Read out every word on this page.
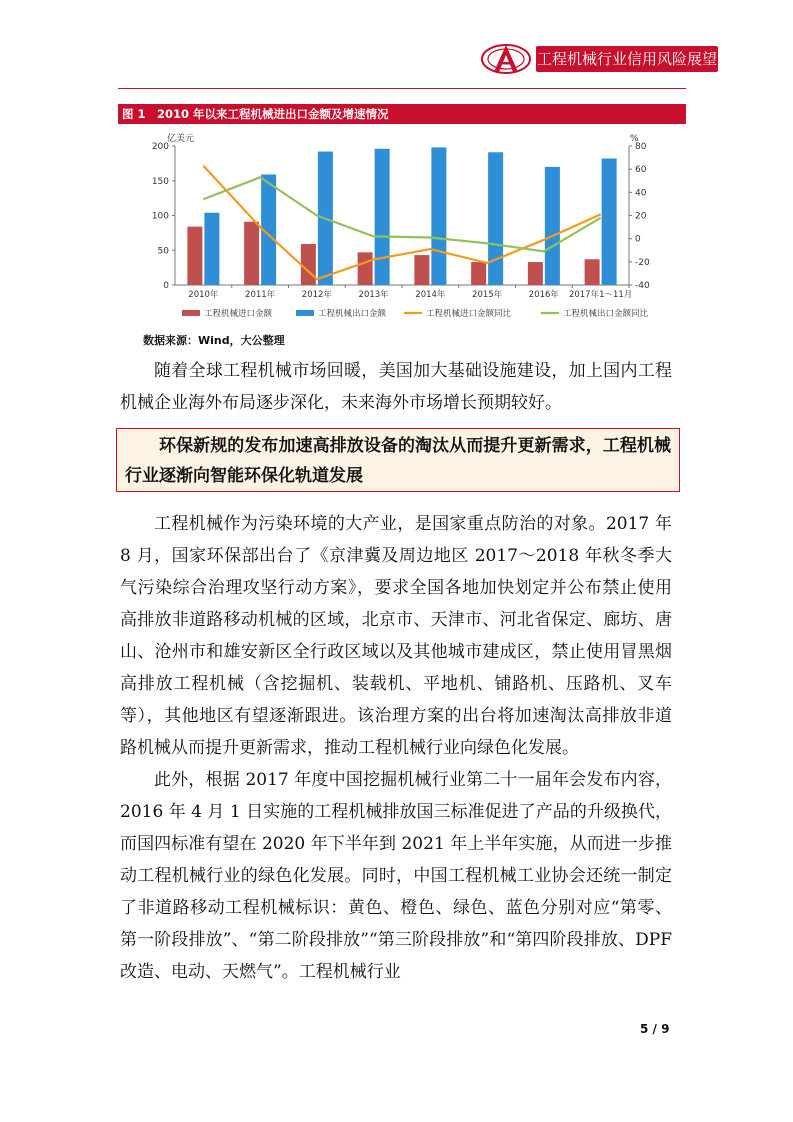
工程机械行业信用风险展望
图 1　2010 年以来工程机械进出口金额及增速情况
亿美元	%
0
50
100
150
200
-40
-20
0
20
40
60
80
2010年	2011年	2012年	2013年	2014年	2015年	2016年 2017年1～11月
工程机械进口金额	工程机械出口金额	工程机械进口金额同比	工程机械出口金额同比
数据来源：Wind，大公整理

随着全球工程机械市场回暖，美国加大基础设施建设，加上国内工程机械企业海外布局逐步深化，未来海外市场增长预期较好。

环保新规的发布加速高排放设备的淘汰从而提升更新需求，工程机械行业逐渐向智能环保化轨道发展

工程机械作为污染环境的大产业，是国家重点防治的对象。2017 年 8 月，国家环保部出台了《京津冀及周边地区 2017～2018 年秋冬季大气污染综合治理攻坚行动方案》，要求全国各地加快划定并公布禁止使用高排放非道路移动机械的区域，北京市、天津市、河北省保定、廊坊、唐山、沧州市和雄安新区全行政区域以及其他城市建成区，禁止使用冒黑烟高排放工程机械（含挖掘机、装载机、平地机、铺路机、压路机、叉车等），其他地区有望逐渐跟进。该治理方案的出台将加速淘汰高排放非道路机械从而提升更新需求，推动工程机械行业向绿色化发展。

此外，根据 2017 年度中国挖掘机械行业第二十一届年会发布内容，2016 年 4 月 1 日实施的工程机械排放国三标准促进了产品的升级换代，而国四标准有望在 2020 年下半年到 2021 年上半年实施，从而进一步推动工程机械行业的绿色化发展。同时，中国工程机械工业协会还统一制定了非道路移动工程机械标识：黄色、橙色、绿色、蓝色分别对应“第零、第一阶段排放”、“第二阶段排放”“第三阶段排放”和“第四阶段排放、DPF 改造、电动、天燃气”。工程机械行业

5 / 9
